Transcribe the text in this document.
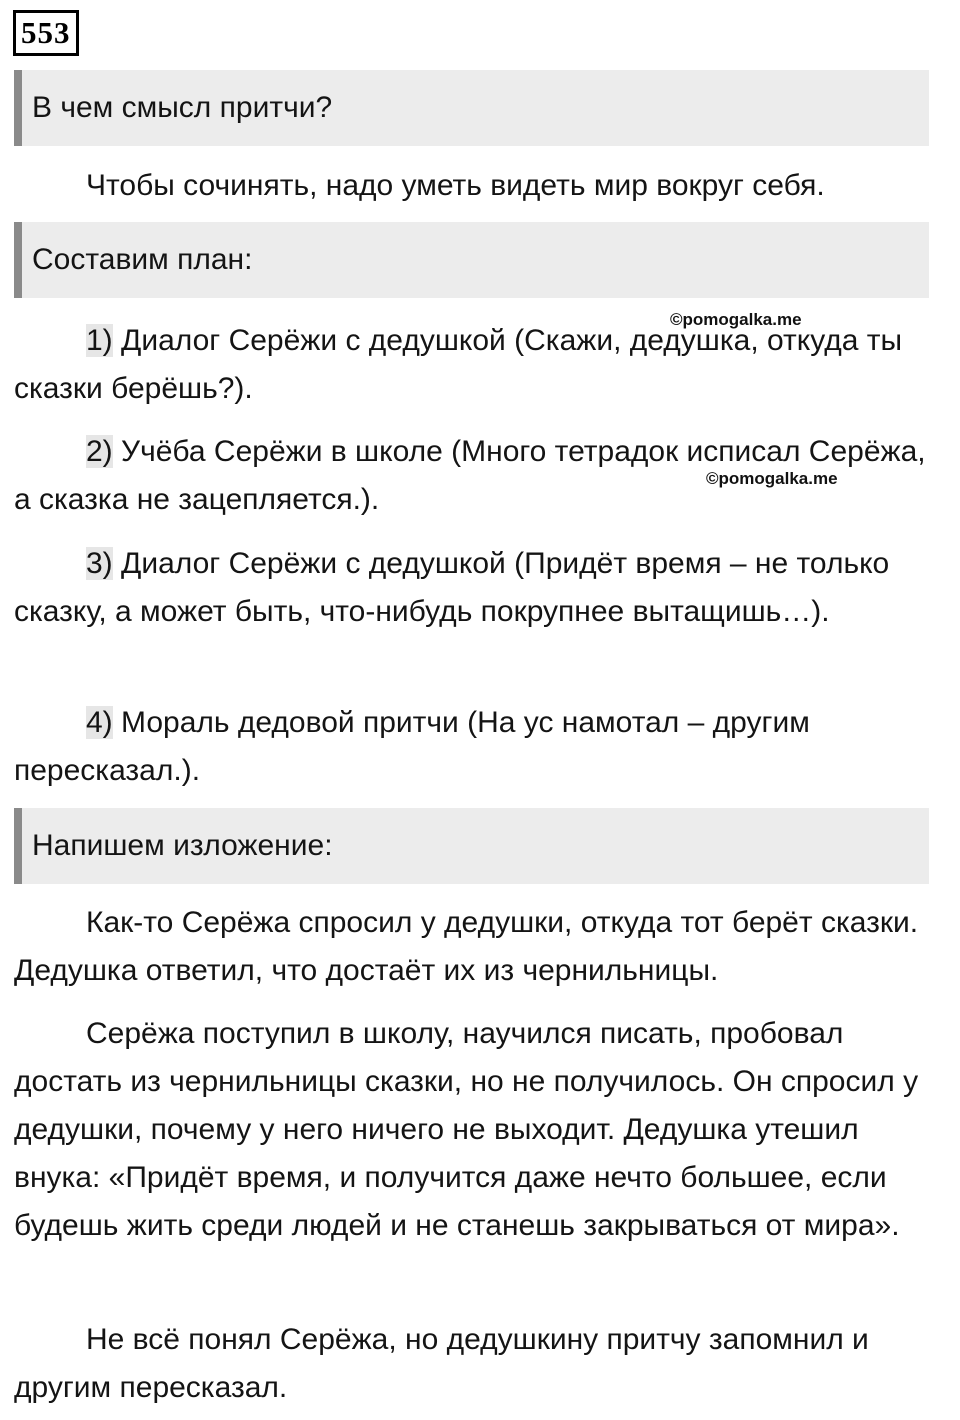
553
В чем смысл притчи?

Чтобы сочинять, надо уметь видеть мир вокруг себя.

Составим план:

1) Диалог Серёжи с дедушкой (Скажи, дедушка, откуда ты сказки берёшь?).

2) Учёба Серёжи в школе (Много тетрадок исписал Серёжа, а сказка не зацепляется.).

3) Диалог Серёжи с дедушкой (Придёт время – не только сказку, а может быть, что-нибудь покрупнее вытащишь…).

4) Мораль дедовой притчи (На ус намотал – другим пересказал.).

Напишем изложение:

Как-то Серёжа спросил у дедушки, откуда тот берёт сказки. Дедушка ответил, что достаёт их из чернильницы.

Серёжа поступил в школу, научился писать, пробовал достать из чернильницы сказки, но не получилось. Он спросил у дедушки, почему у него ничего не выходит. Дедушка утешил внука: «Придёт время, и получится даже нечто большее, если будешь жить среди людей и не станешь закрываться от мира».

Не всё понял Серёжа, но дедушкину притчу запомнил и другим пересказал.

©pomogalka.me
©pomogalka.me
